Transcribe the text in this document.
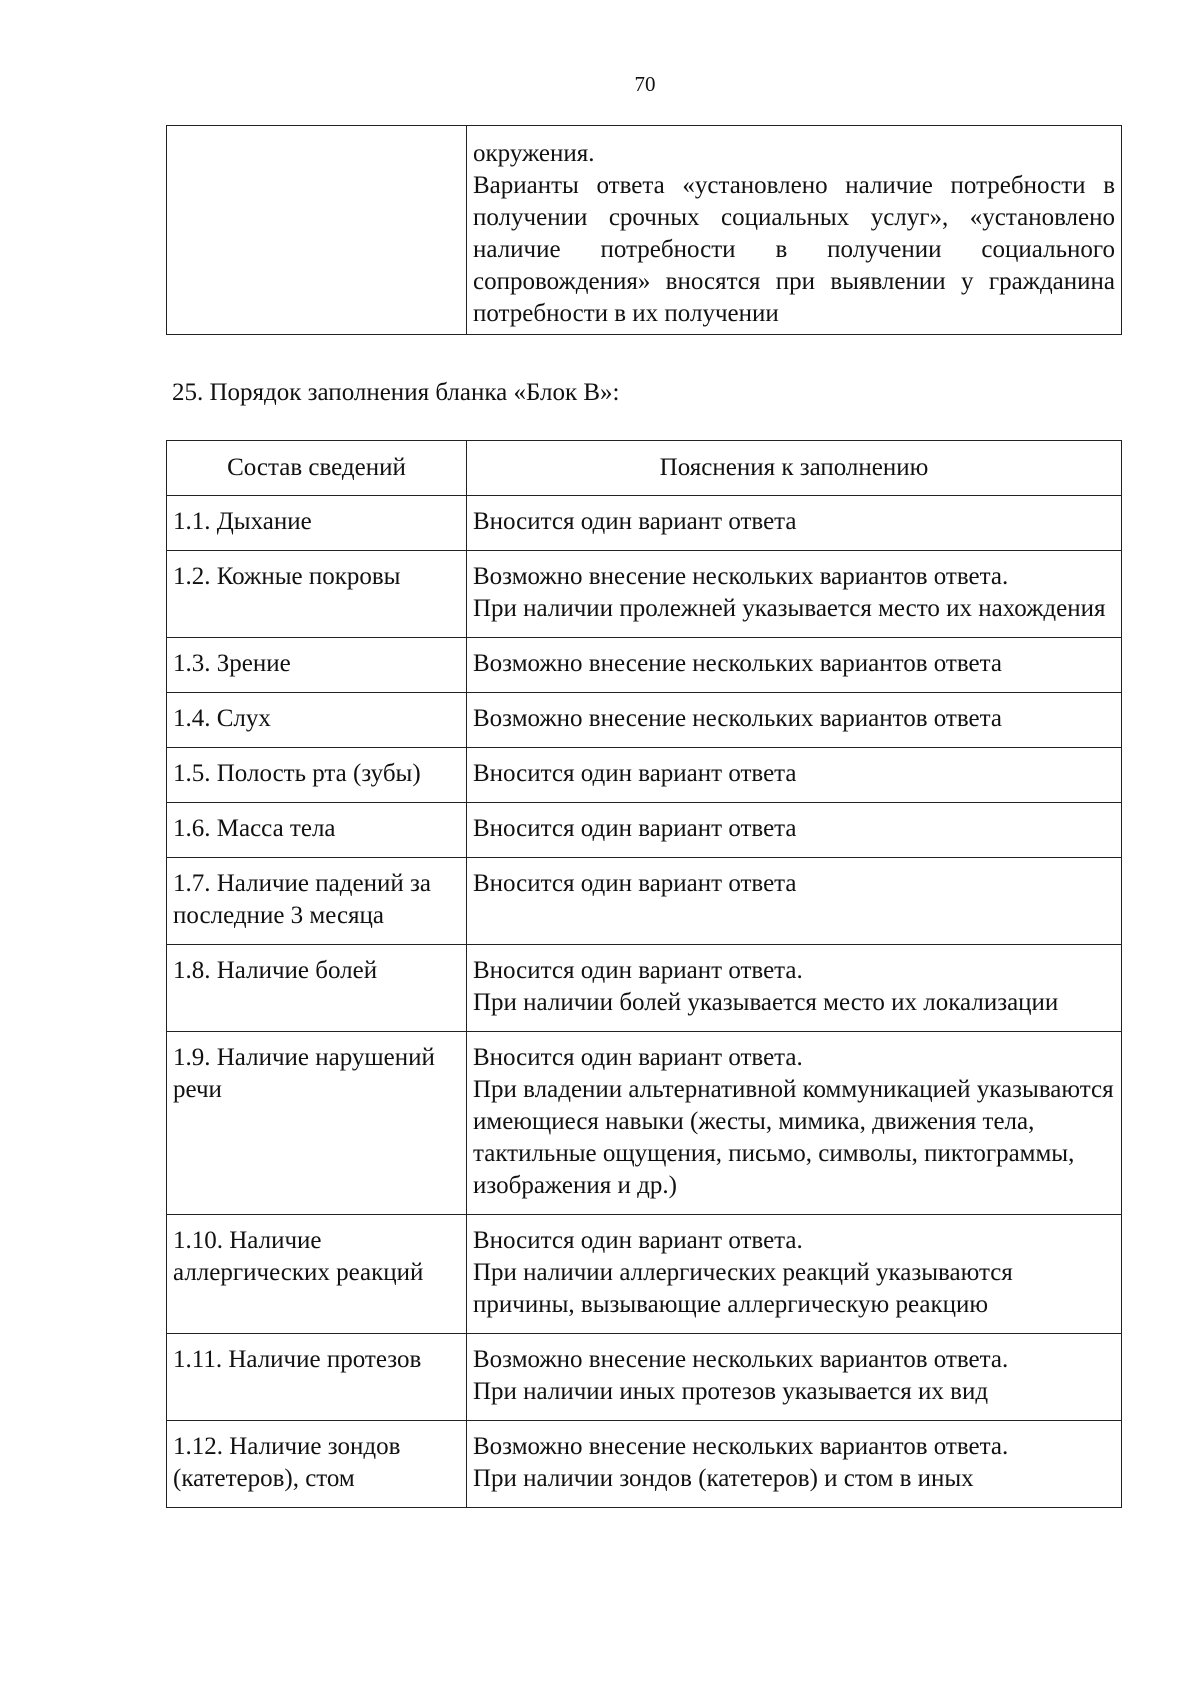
70

окружения.
Варианты ответа «установлено наличие потребности в получении срочных социальных услуг», «установлено наличие потребности в получении социального сопровождения» вносятся при выявлении у гражданина потребности в их получении
25. Порядок заполнения бланка «Блок В»:
Состав сведений	Пояснения к заполнению
1.1. Дыхание	Вносится один вариант ответа

1.2. Кожные покровы	Возможно внесение нескольких вариантов ответа.
При наличии пролежней указывается место их нахождения

1.3. Зрение	Возможно внесение нескольких вариантов ответа

1.4. Слух	Возможно внесение нескольких вариантов ответа

1.5. Полость рта (зубы)	Вносится один вариант ответа

1.6. Масса тела	Вносится один вариант ответа

1.7. Наличие падений за последние 3 месяца	Вносится один вариант ответа

1.8. Наличие болей	Вносится один вариант ответа.
При наличии болей указывается место их локализации

1.9. Наличие нарушений речи	Вносится один вариант ответа.
При владении альтернативной коммуникацией указываются имеющиеся навыки (жесты, мимика, движения тела, тактильные ощущения, письмо, символы, пиктограммы, изображения и др.)

1.10. Наличие аллергических реакций	Вносится один вариант ответа.
При наличии аллергических реакций указываются причины, вызывающие аллергическую реакцию

1.11. Наличие протезов	Возможно внесение нескольких вариантов ответа.
При наличии иных протезов указывается их вид

1.12. Наличие зондов (катетеров), стом	Возможно внесение нескольких вариантов ответа.
При наличии зондов (катетеров) и стом в иных
